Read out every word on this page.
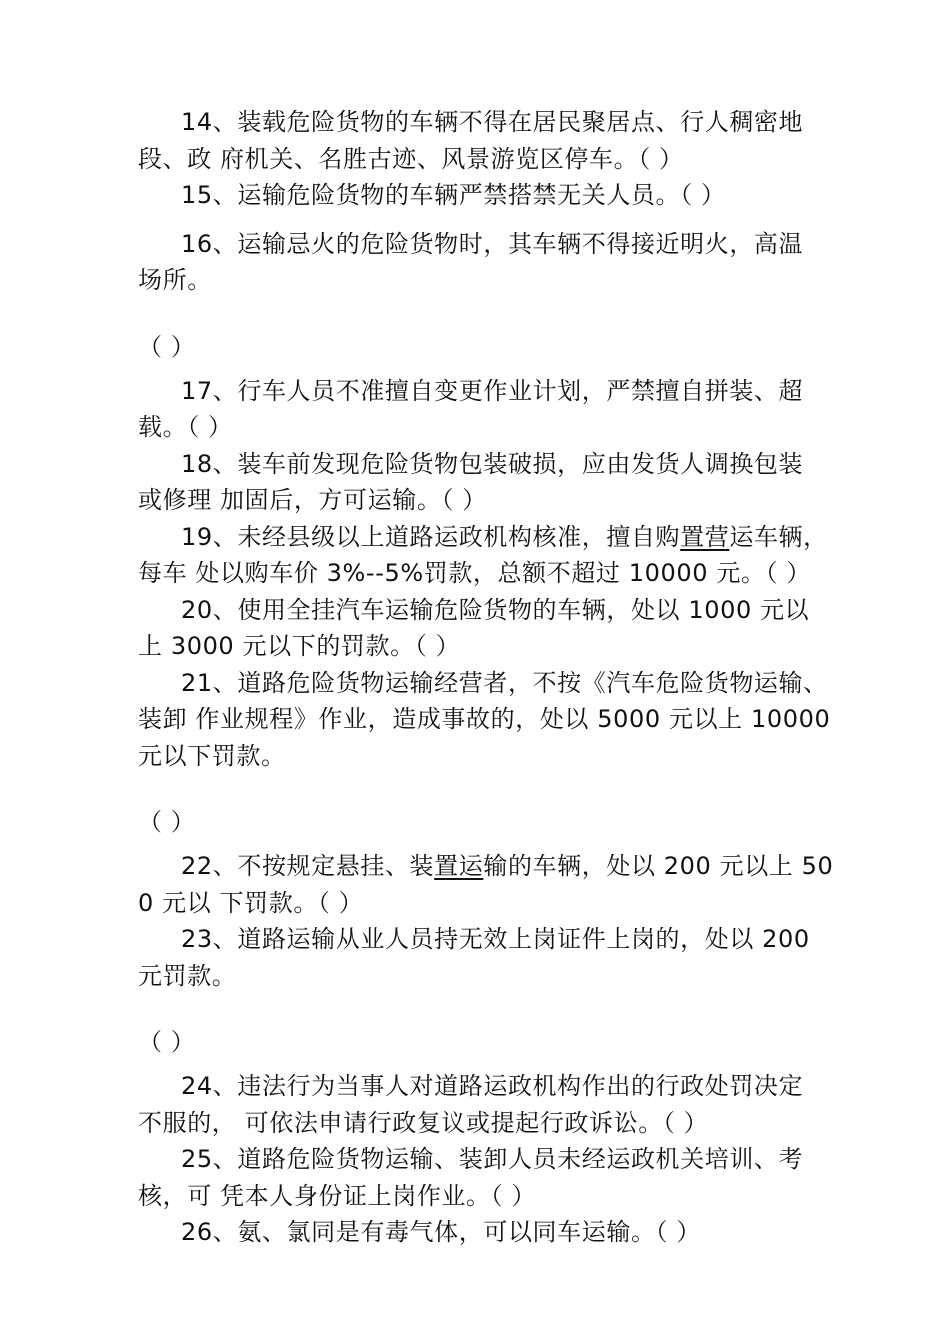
14、装载危险货物的车辆不得在居民聚居点、行人稠密地
段、政 府机关、名胜古迹、风景游览区停车。（ ）

15、运输危险货物的车辆严禁搭禁无关人员。（ ）

16、运输忌火的危险货物时，其车辆不得接近明火，高温
场所。

（ ）

17、行车人员不准擅自变更作业计划，严禁擅自拼装、超
载。（ ）

18、装车前发现危险货物包装破损，应由发货人调换包装
或修理 加固后，方可运输。（ ）

19、未经县级以上道路运政机构核准，擅自购置营运车辆，
每车 处以购车价 3%--5%罚款，总额不超过 10000 元。（ ）

20、使用全挂汽车运输危险货物的车辆，处以 1000 元以
上 3000 元以下的罚款。（ ）

21、道路危险货物运输经营者，不按《汽车危险货物运输、
装卸 作业规程》作业，造成事故的，处以 5000 元以上 10000
元以下罚款。

（ ）

22、不按规定悬挂、装置运输的车辆，处以 200 元以上 50
0 元以 下罚款。（ ）

23、道路运输从业人员持无效上岗证件上岗的，处以 200
元罚款。

（ ）

24、违法行为当事人对道路运政机构作出的行政处罚决定
不服的， 可依法申请行政复议或提起行政诉讼。（ ）

25、道路危险货物运输、装卸人员未经运政机关培训、考
核，可 凭本人身份证上岗作业。（ ）

26、氨、氯同是有毒气体，可以同车运输。（ ）
